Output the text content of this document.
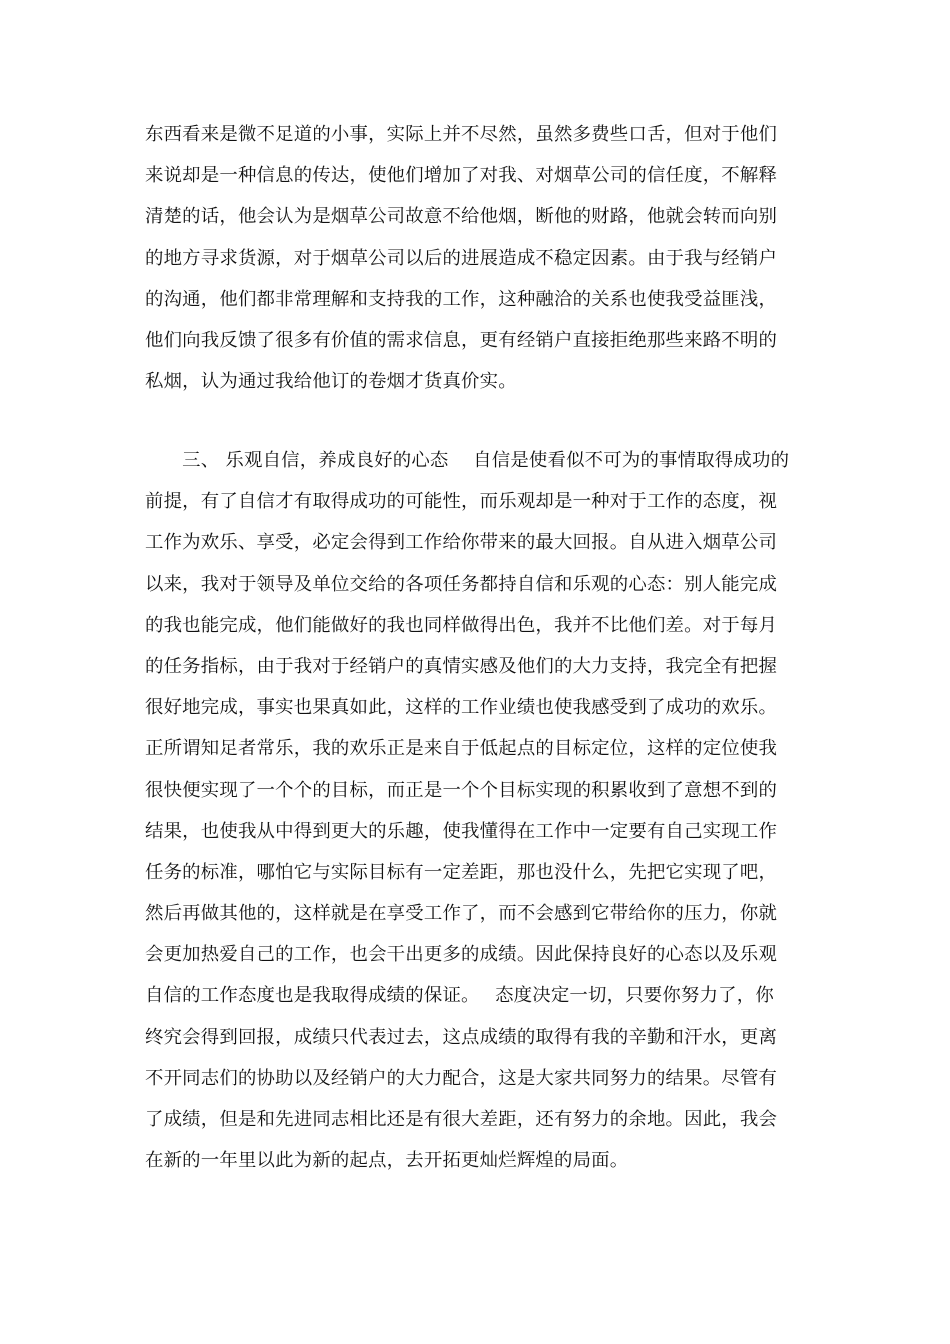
东西看来是微不足道的小事，实际上并不尽然，虽然多费些口舌，但对于他们
来说却是一种信息的传达，使他们增加了对我、对烟草公司的信任度，不解释
清楚的话，他会认为是烟草公司故意不给他烟，断他的财路，他就会转而向别
的地方寻求货源，对于烟草公司以后的进展造成不稳定因素。由于我与经销户
的沟通，他们都非常理解和支持我的工作，这种融洽的关系也使我受益匪浅，
他们向我反馈了很多有价值的需求信息，更有经销户直接拒绝那些来路不明的
私烟，认为通过我给他订的卷烟才货真价实。
　　三、 乐观自信，养成良好的心态　 自信是使看似不可为的事情取得成功的
前提，有了自信才有取得成功的可能性，而乐观却是一种对于工作的态度，视
工作为欢乐、享受，必定会得到工作给你带来的最大回报。自从进入烟草公司
以来，我对于领导及单位交给的各项任务都持自信和乐观的心态：别人能完成
的我也能完成，他们能做好的我也同样做得出色，我并不比他们差。对于每月
的任务指标，由于我对于经销户的真情实感及他们的大力支持，我完全有把握
很好地完成，事实也果真如此，这样的工作业绩也使我感受到了成功的欢乐。
正所谓知足者常乐，我的欢乐正是来自于低起点的目标定位，这样的定位使我
很快便实现了一个个的目标，而正是一个个目标实现的积累收到了意想不到的
结果，也使我从中得到更大的乐趣，使我懂得在工作中一定要有自己实现工作
任务的标准，哪怕它与实际目标有一定差距，那也没什么，先把它实现了吧，
然后再做其他的，这样就是在享受工作了，而不会感到它带给你的压力，你就
会更加热爱自己的工作，也会干出更多的成绩。因此保持良好的心态以及乐观
自信的工作态度也是我取得成绩的保证。　 态度决定一切，只要你努力了，你
终究会得到回报，成绩只代表过去，这点成绩的取得有我的辛勤和汗水，更离
不开同志们的协助以及经销户的大力配合，这是大家共同努力的结果。尽管有
了成绩，但是和先进同志相比还是有很大差距，还有努力的余地。因此，我会
在新的一年里以此为新的起点，去开拓更灿烂辉煌的局面。
